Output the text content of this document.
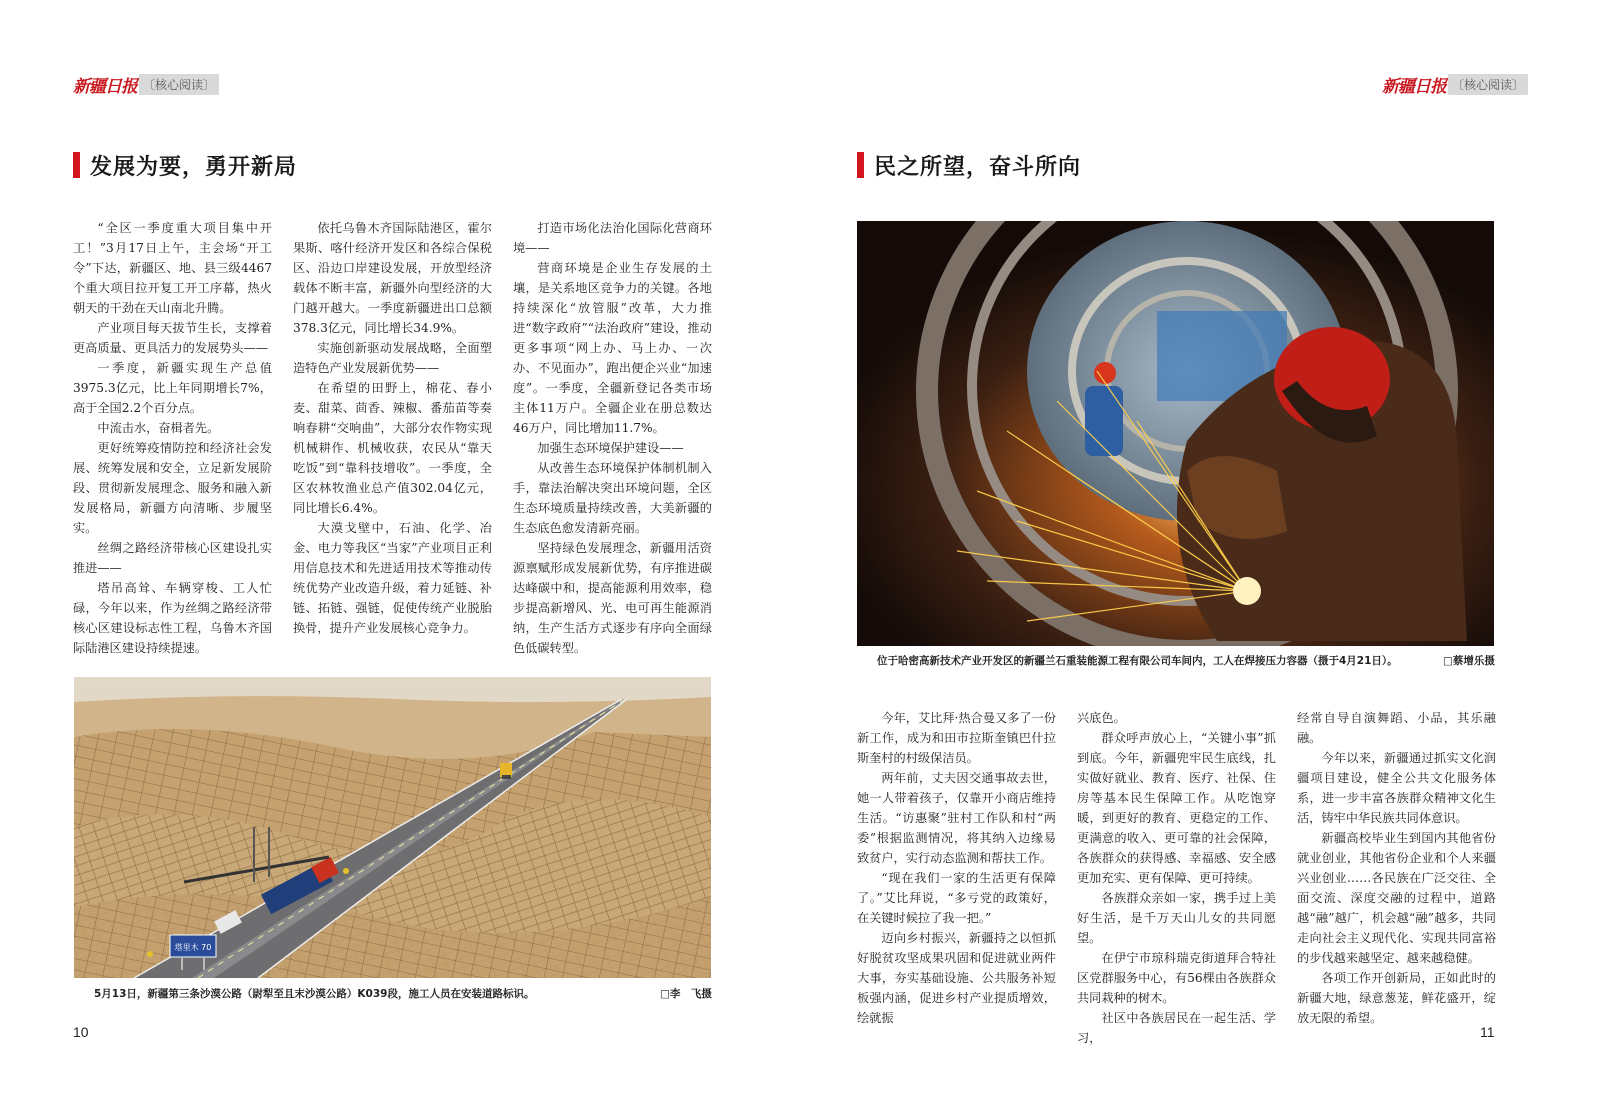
新疆日报 〔核心阅读〕
发展为要，勇开新局

“全区一季度重大项目集中开工！”3月17日上午，主会场“开工令”下达，新疆区、地、县三级4467个重大项目拉开复工开工序幕，热火朝天的干劲在天山南北升腾。

产业项目每天拔节生长，支撑着更高质量、更具活力的发展势头——

一季度，新疆实现生产总值3975.3亿元，比上年同期增长7%，高于全国2.2个百分点。

中流击水，奋楫者先。

更好统筹疫情防控和经济社会发展、统筹发展和安全，立足新发展阶段、贯彻新发展理念、服务和融入新发展格局，新疆方向清晰、步履坚实。

丝绸之路经济带核心区建设扎实推进——

塔吊高耸、车辆穿梭、工人忙碌，今年以来，作为丝绸之路经济带核心区建设标志性工程，乌鲁木齐国际陆港区建设持续提速。

依托乌鲁木齐国际陆港区，霍尔果斯、喀什经济开发区和各综合保税区、沿边口岸建设发展，开放型经济载体不断丰富，新疆外向型经济的大门越开越大。一季度新疆进出口总额378.3亿元，同比增长34.9%。

实施创新驱动发展战略，全面塑造特色产业发展新优势——

在希望的田野上，棉花、春小麦、甜菜、茴香、辣椒、番茄苗等奏响春耕“交响曲”，大部分农作物实现机械耕作、机械收获，农民从“靠天吃饭”到“靠科技增收”。一季度，全区农林牧渔业总产值302.04亿元，同比增长6.4%。

大漠戈壁中，石油、化学、冶金、电力等我区“当家”产业项目正利用信息技术和先进适用技术等推动传统优势产业改造升级，着力延链、补链、拓链、强链，促使传统产业脱胎换骨，提升产业发展核心竞争力。

打造市场化法治化国际化营商环境——

营商环境是企业生存发展的土壤，是关系地区竞争力的关键。各地持续深化“放管服”改革，大力推进“数字政府”“法治政府”建设，推动更多事项“网上办、马上办、一次办、不见面办”，跑出便企兴业“加速度”。一季度，全疆新登记各类市场主体11万户。全疆企业在册总数达46万户，同比增加11.7%。

加强生态环境保护建设——

从改善生态环境保护体制机制入手，靠法治解决突出环境问题，全区生态环境质量持续改善，大美新疆的生态底色愈发清新亮丽。

坚持绿色发展理念，新疆用活资源禀赋形成发展新优势，有序推进碳达峰碳中和，提高能源利用效率，稳步提高新增风、光、电可再生能源消纳，生产生活方式逐步有序向全面绿色低碳转型。

塔里木 70
5月13日，新疆第三条沙漠公路（尉犁至且末沙漠公路）K039段，施工人员在安装道路标识。	□李　飞摄
10
新疆日报 〔核心阅读〕
民之所望，奋斗所向
位于哈密高新技术产业开发区的新疆兰石重装能源工程有限公司车间内，工人在焊接压力容器（摄于4月21日）。	□蔡增乐摄

今年，艾比拜·热合曼又多了一份新工作，成为和田市拉斯奎镇巴什拉斯奎村的村级保洁员。

两年前，丈夫因交通事故去世，她一人带着孩子，仅靠开小商店维持生活。“访惠聚”驻村工作队和村“两委”根据监测情况，将其纳入边缘易致贫户，实行动态监测和帮扶工作。

“现在我们一家的生活更有保障了。”艾比拜说，“多亏党的政策好，在关键时候拉了我一把。”

迈向乡村振兴，新疆持之以恒抓好脱贫攻坚成果巩固和促进就业两件大事，夯实基础设施、公共服务补短板强内涵，促进乡村产业提质增效，绘就振

兴底色。

群众呼声放心上，“关键小事”抓到底。今年，新疆兜牢民生底线，扎实做好就业、教育、医疗、社保、住房等基本民生保障工作。从吃饱穿暖，到更好的教育、更稳定的工作、更满意的收入、更可靠的社会保障，各族群众的获得感、幸福感、安全感更加充实、更有保障、更可持续。

各族群众亲如一家，携手过上美好生活，是千万天山儿女的共同愿望。

在伊宁市琼科瑞克街道拜合特社区党群服务中心，有56棵由各族群众共同栽种的树木。

社区中各族居民在一起生活、学习，

经常自导自演舞蹈、小品，其乐融融。

今年以来，新疆通过抓实文化润疆项目建设，健全公共文化服务体系，进一步丰富各族群众精神文化生活，铸牢中华民族共同体意识。

新疆高校毕业生到国内其他省份就业创业，其他省份企业和个人来疆兴业创业……各民族在广泛交往、全面交流、深度交融的过程中，道路越“融”越广，机会越“融”越多，共同走向社会主义现代化、实现共同富裕的步伐越来越坚定、越来越稳健。

各项工作开创新局，正如此时的新疆大地，绿意葱茏，鲜花盛开，绽放无限的希望。

11
